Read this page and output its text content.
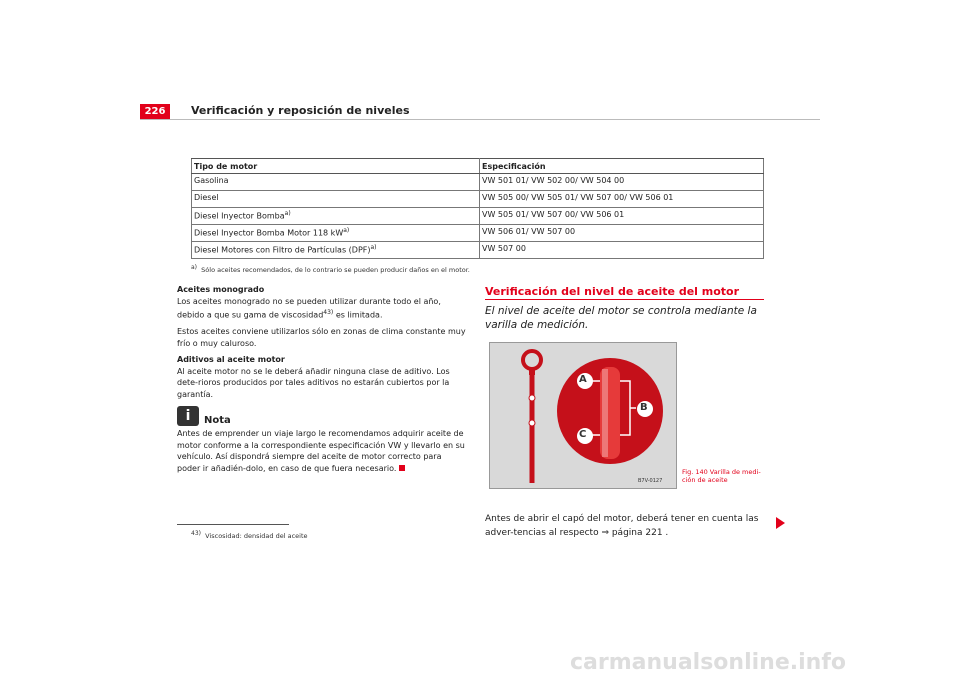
226	Verificación y reposición de niveles
Tipo de motor	Especificación
Gasolina	VW 501 01/ VW 502 00/ VW 504 00
Diesel	VW 505 00/ VW 505 01/ VW 507 00/ VW 506 01
Diesel Inyector Bomba$^{a)}$	VW 505 01/ VW 507 00/ VW 506 01
Diesel Inyector Bomba Motor 118 $kW^{a)}$	VW 506 01/ VW 507 00
Diesel Motores con Filtro de Partículas (DPF)$^{a)}$	VW 507 00
$^{a)}$ Sólo aceites recomendados, de lo contrario se pueden producir daños en el motor.

Aceites monogrado

Los aceites monogrado no se pueden utilizar durante todo el año, debido a que su gama de viscosidad$^{43)}$ es limitada.

Estos aceites conviene utilizarlos sólo en zonas de clima constante muy frío o muy caluroso.

Aditivos al aceite motor

Al aceite motor no se le deberá añadir ninguna clase de aditivo. Los dete-rioros producidos por tales aditivos no estarán cubiertos por la garantía.

i	Nota

Antes de emprender un viaje largo le recomendamos adquirir aceite de motor conforme a la correspondiente especificación VW y llevarlo en su vehículo. Así dispondrá siempre del aceite de motor correcto para poder ir añadién-dolo, en caso de que fuera necesario.

$^{43)}$ Viscosidad: densidad del aceite
Verificación del nivel de aceite del motor
El nivel de aceite del motor se controla mediante la varilla de medición.
A
B
C
B7V-0127
Fig. 140 Varilla de medi-ción de aceite
Antes de abrir el capó del motor, deberá tener en cuenta las adver-tencias al respecto ⇒ página 221 .
carmanualsonline.info
